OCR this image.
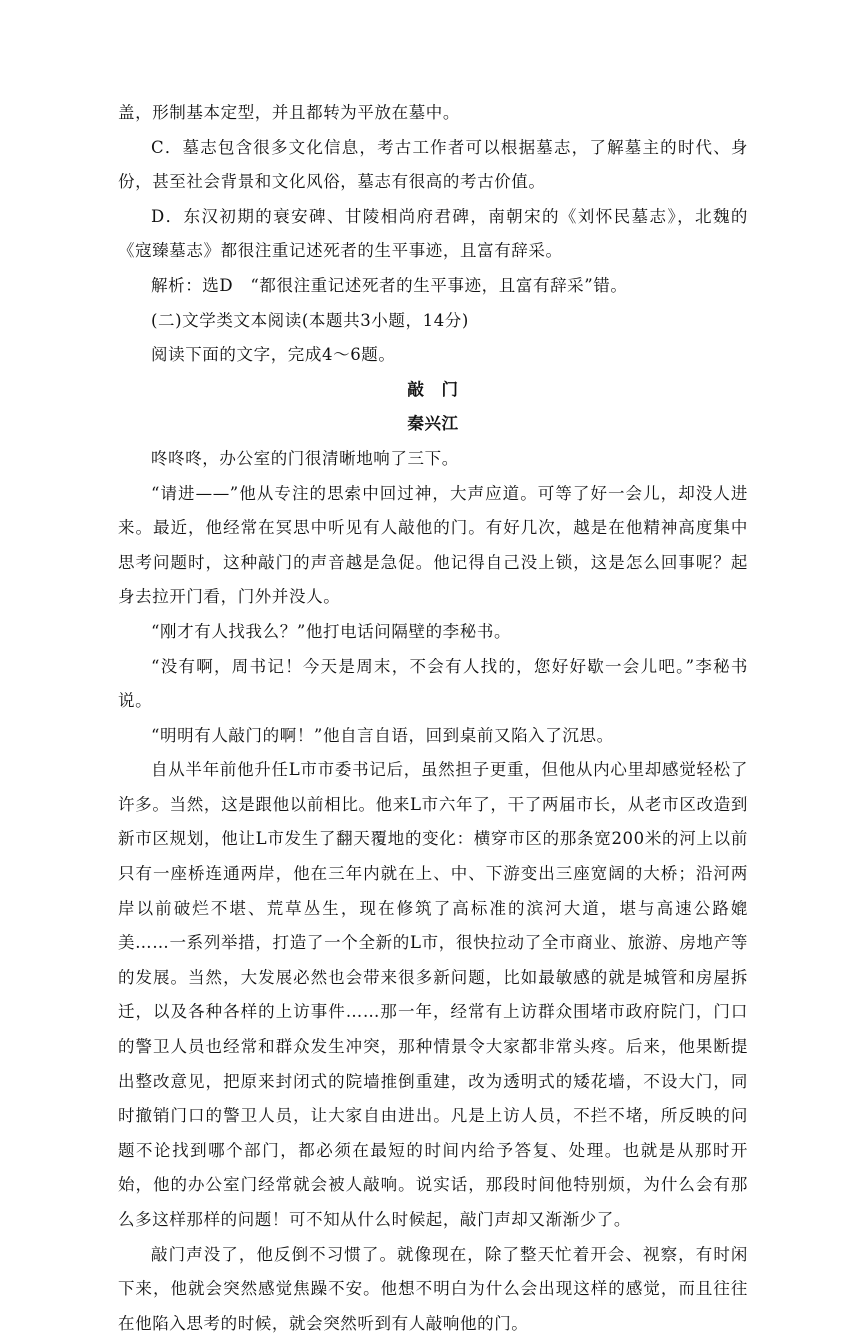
盖，形制基本定型，并且都转为平放在墓中。

C．墓志包含很多文化信息，考古工作者可以根据墓志，了解墓主的时代、身份，甚至社会背景和文化风俗，墓志有很高的考古价值。

D．东汉初期的衰安碑、甘陵相尚府君碑，南朝宋的《刘怀民墓志》，北魏的《寇臻墓志》都很注重记述死者的生平事迹，且富有辞采。

解析：选D　“都很注重记述死者的生平事迹，且富有辞采”错。

(二)文学类文本阅读(本题共3小题，14分)

阅读下面的文字，完成4～6题。

敲　门

秦兴江

咚咚咚，办公室的门很清晰地响了三下。

“请进——”他从专注的思索中回过神，大声应道。可等了好一会儿，却没人进来。最近，他经常在冥思中听见有人敲他的门。有好几次，越是在他精神高度集中思考问题时，这种敲门的声音越是急促。他记得自己没上锁，这是怎么回事呢？起身去拉开门看，门外并没人。

“刚才有人找我么？”他打电话问隔壁的李秘书。

“没有啊，周书记！今天是周末，不会有人找的，您好好歇一会儿吧。”李秘书说。

“明明有人敲门的啊！”他自言自语，回到桌前又陷入了沉思。

自从半年前他升任L市市委书记后，虽然担子更重，但他从内心里却感觉轻松了许多。当然，这是跟他以前相比。他来L市六年了，干了两届市长，从老市区改造到新市区规划，他让L市发生了翻天覆地的变化：横穿市区的那条宽200米的河上以前只有一座桥连通两岸，他在三年内就在上、中、下游变出三座宽阔的大桥；沿河两岸以前破烂不堪、荒草丛生，现在修筑了高标准的滨河大道，堪与高速公路媲美……一系列举措，打造了一个全新的L市，很快拉动了全市商业、旅游、房地产等的发展。当然，大发展必然也会带来很多新问题，比如最敏感的就是城管和房屋拆迁，以及各种各样的上访事件……那一年，经常有上访群众围堵市政府院门，门口的警卫人员也经常和群众发生冲突，那种情景令大家都非常头疼。后来，他果断提出整改意见，把原来封闭式的院墙推倒重建，改为透明式的矮花墙，不设大门，同时撤销门口的警卫人员，让大家自由进出。凡是上访人员，不拦不堵，所反映的问题不论找到哪个部门，都必须在最短的时间内给予答复、处理。也就是从那时开始，他的办公室门经常就会被人敲响。说实话，那段时间他特别烦，为什么会有那么多这样那样的问题！可不知从什么时候起，敲门声却又渐渐少了。

敲门声没了，他反倒不习惯了。就像现在，除了整天忙着开会、视察，有时闲下来，他就会突然感觉焦躁不安。他想不明白为什么会出现这样的感觉，而且往往在他陷入思考的时候，就会突然听到有人敲响他的门。
